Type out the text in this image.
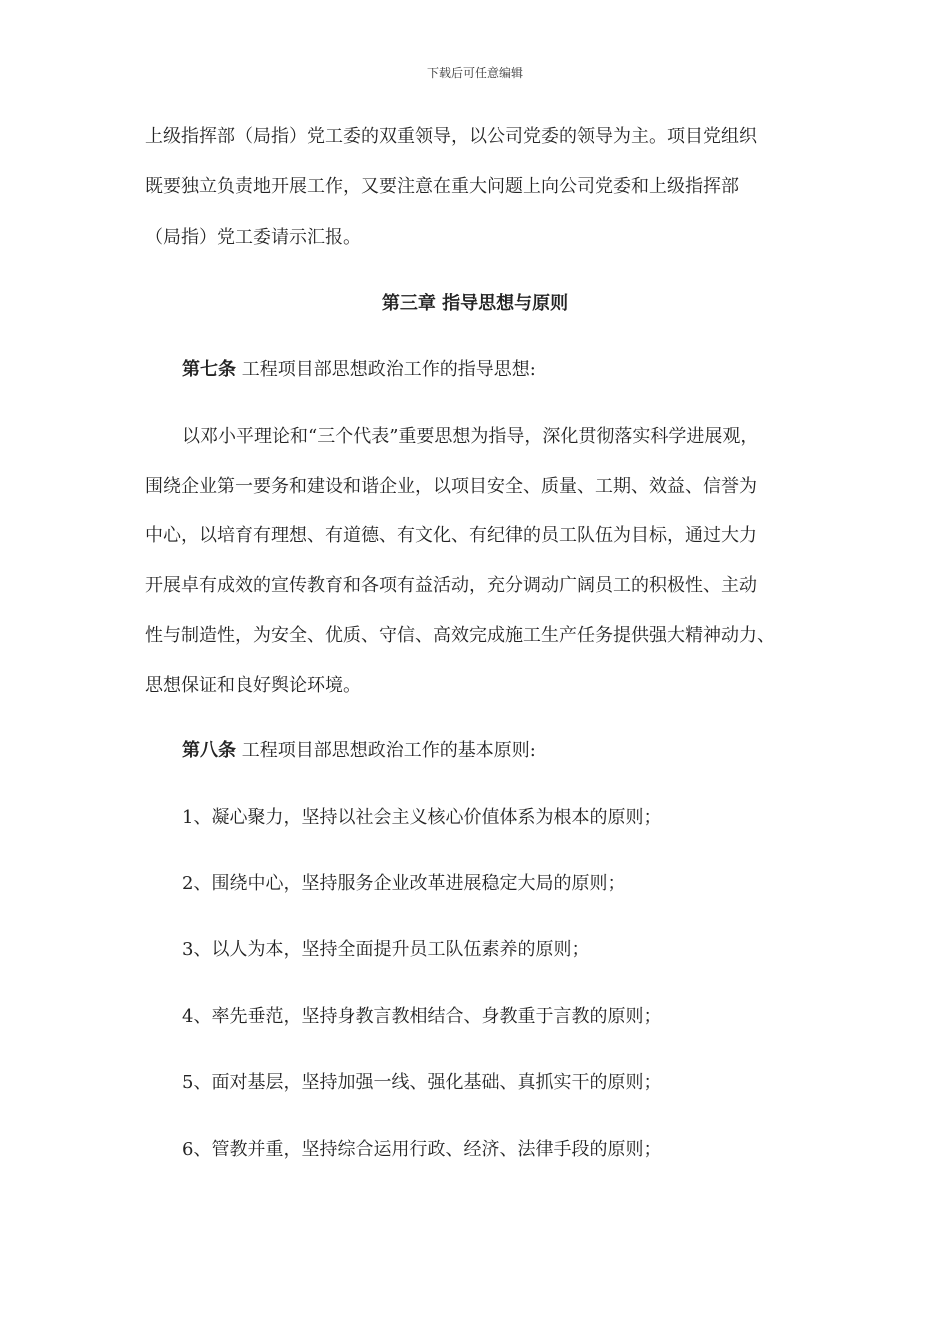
下载后可任意编辑
上级指挥部（局指）党工委的双重领导，以公司党委的领导为主。项目党组织
既要独立负责地开展工作，又要注意在重大问题上向公司党委和上级指挥部
（局指）党工委请示汇报。
第三章 指导思想与原则
第七条 工程项目部思想政治工作的指导思想:
以邓小平理论和“三个代表”重要思想为指导，深化贯彻落实科学进展观，
围绕企业第一要务和建设和谐企业，以项目安全、质量、工期、效益、信誉为
中心，以培育有理想、有道德、有文化、有纪律的员工队伍为目标，通过大力
开展卓有成效的宣传教育和各项有益活动，充分调动广阔员工的积极性、主动
性与制造性，为安全、优质、守信、高效完成施工生产任务提供强大精神动力、
思想保证和良好舆论环境。
第八条 工程项目部思想政治工作的基本原则:
1、凝心聚力，坚持以社会主义核心价值体系为根本的原则；
2、围绕中心，坚持服务企业改革进展稳定大局的原则；
3、以人为本，坚持全面提升员工队伍素养的原则；
4、率先垂范，坚持身教言教相结合、身教重于言教的原则；
5、面对基层，坚持加强一线、强化基础、真抓实干的原则；
6、管教并重，坚持综合运用行政、经济、法律手段的原则；
